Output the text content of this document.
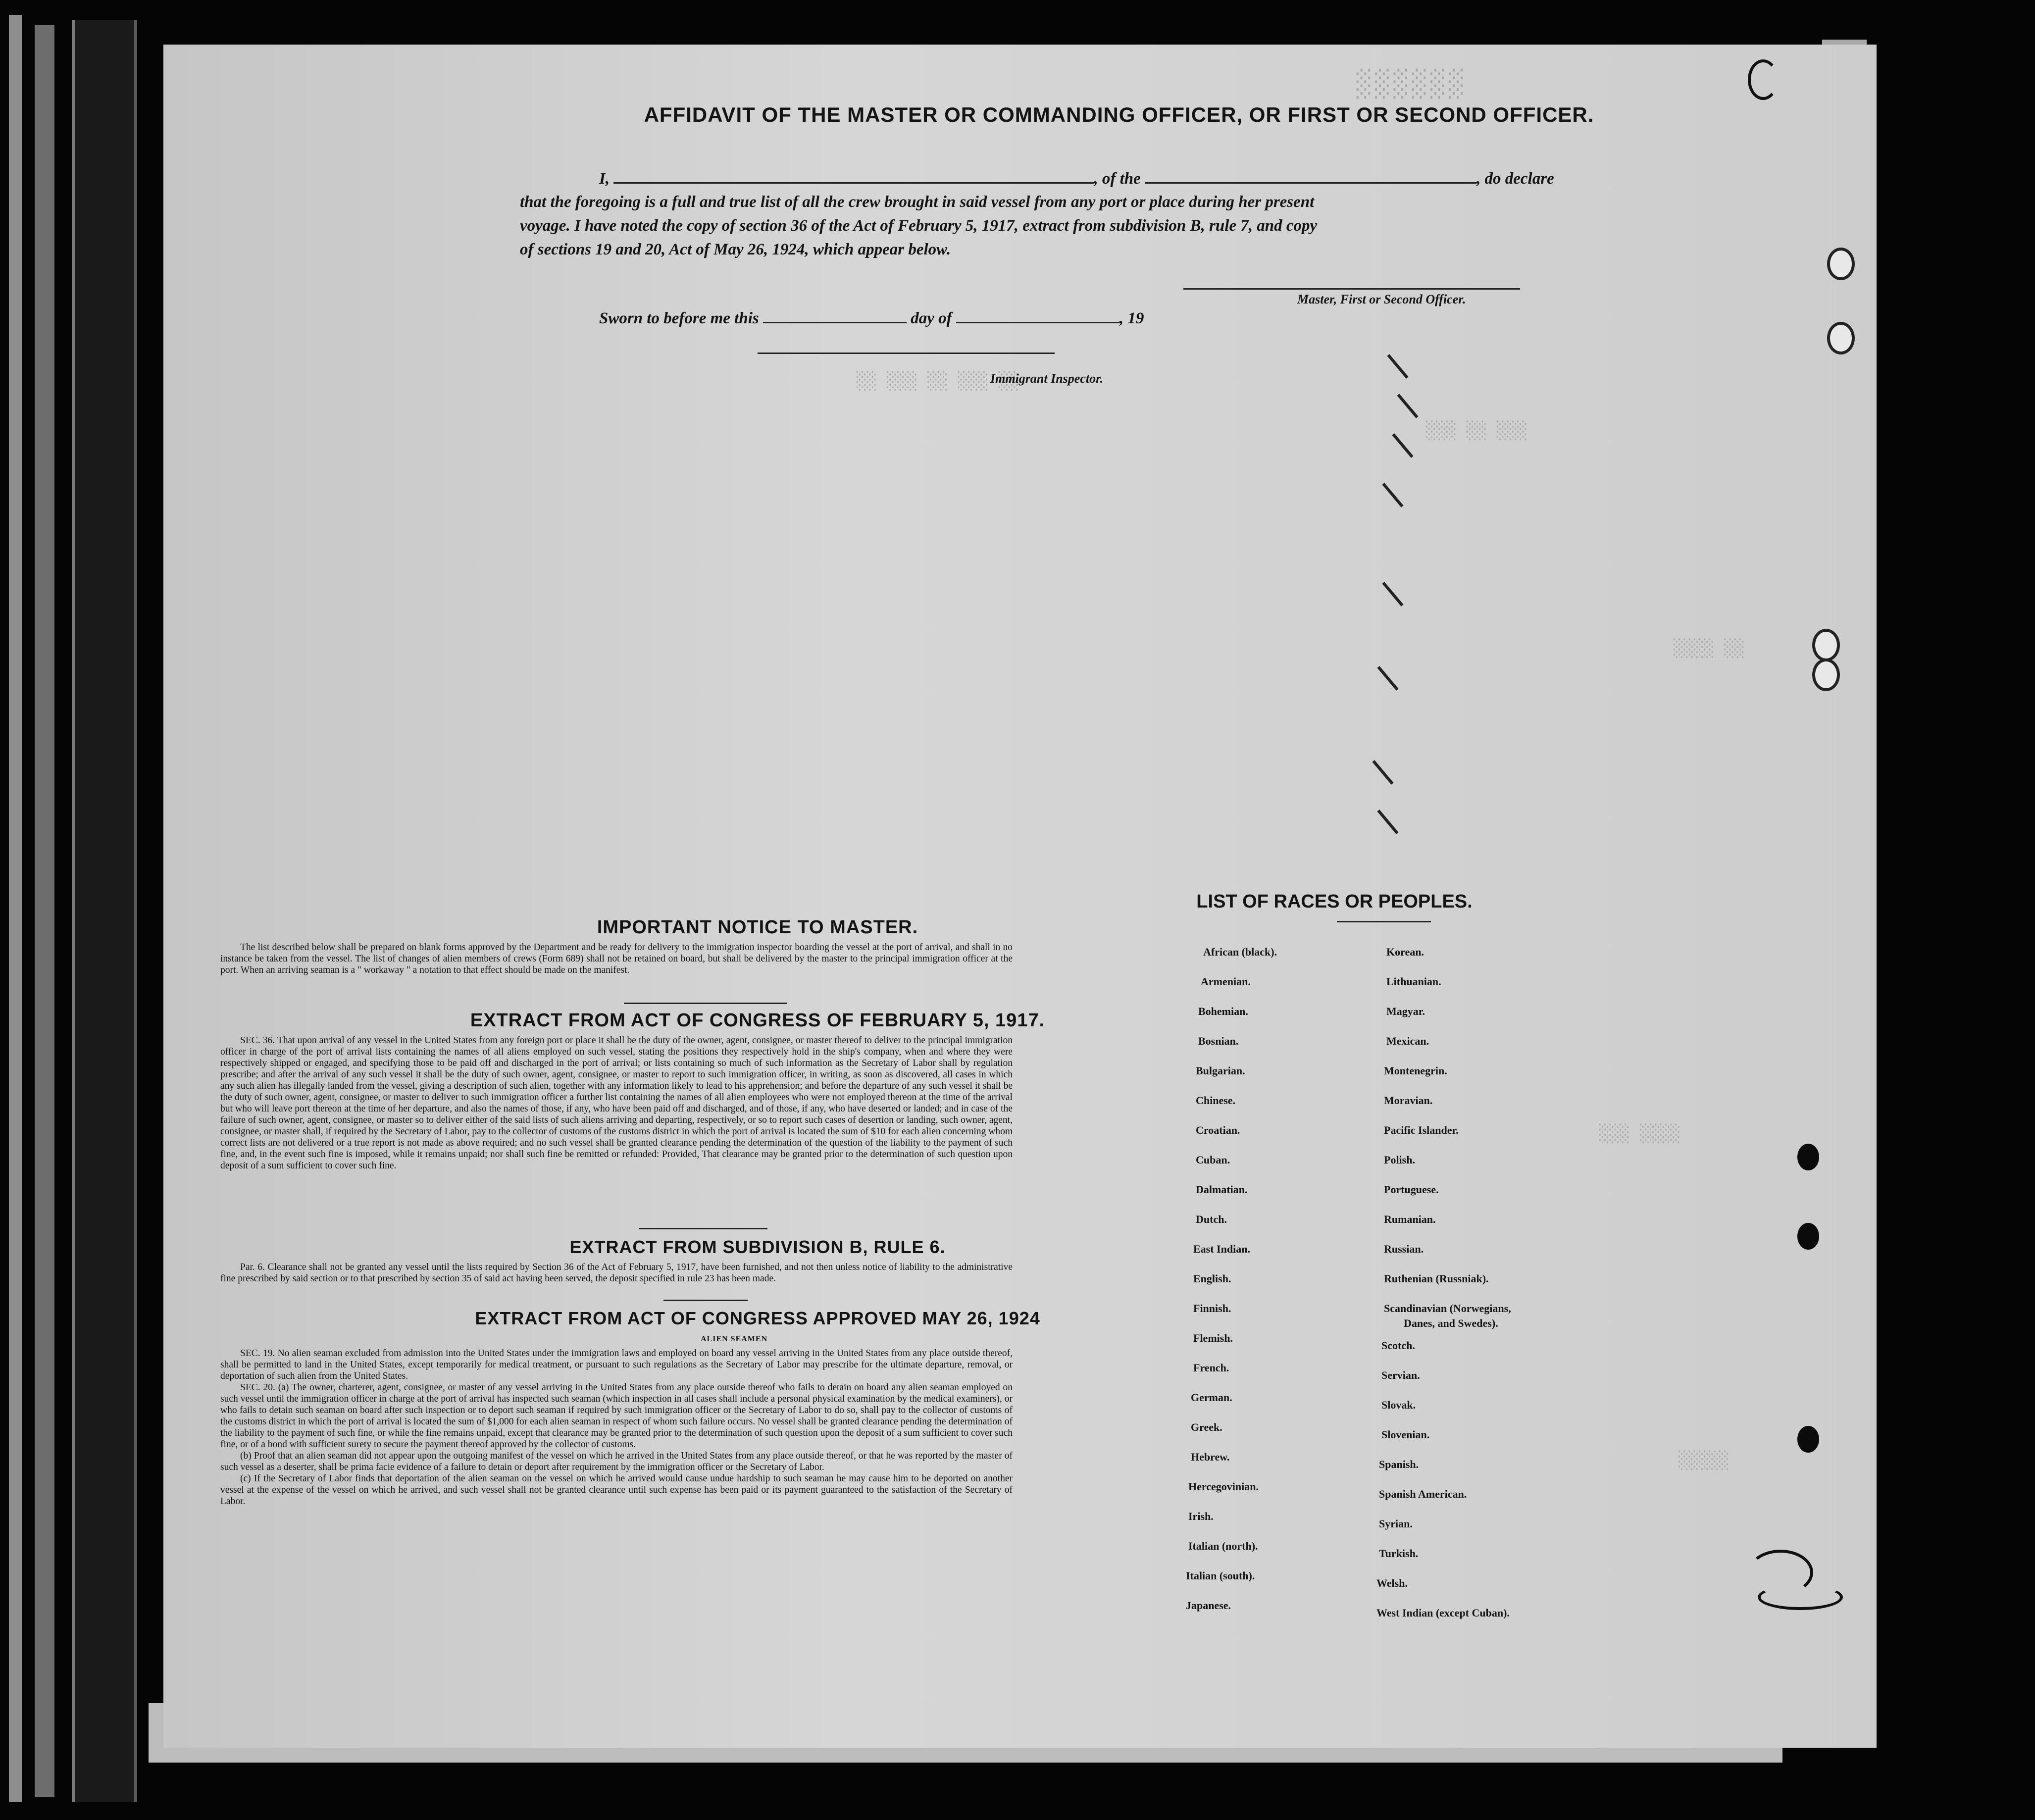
░░░░░░
░░ ░░░ ░░ ░░░ ░░
░░░ ░░ ░░░
░░░░ ░░
░░░ ░░░░
░░░░░
AFFIDAVIT OF THE MASTER OR COMMANDING OFFICER, OR FIRST OR SECOND OFFICER.
I,	, of the	, do declare
that the foregoing is a full and true list of all the crew brought in said vessel from any port or place during her present
voyage. I have noted the copy of section 36 of the Act of February 5, 1917, extract from subdivision B, rule 7, and copy
of sections 19 and 20, Act of May 26, 1924, which appear below.
Master, First or Second Officer.
Sworn to before me this	day of	, 19
Immigrant Inspector.
IMPORTANT NOTICE TO MASTER.

The list described below shall be prepared on blank forms approved by the Department and be ready for delivery to the immigration inspector boarding the vessel at the port of arrival, and shall in no instance be taken from the vessel. The list of changes of alien members of crews (Form 689) shall not be retained on board, but shall be delivered by the master to the principal immigration officer at the port. When an arriving seaman is a " workaway " a notation to that effect should be made on the manifest.

EXTRACT FROM ACT OF CONGRESS OF FEBRUARY 5, 1917.

SEC. 36. That upon arrival of any vessel in the United States from any foreign port or place it shall be the duty of the owner, agent, consignee, or master thereof to deliver to the principal immigration officer in charge of the port of arrival lists containing the names of all aliens employed on such vessel, stating the positions they respectively hold in the ship's company, when and where they were respectively shipped or engaged, and specifying those to be paid off and discharged in the port of arrival; or lists containing so much of such information as the Secretary of Labor shall by regulation prescribe; and after the arrival of any such vessel it shall be the duty of such owner, agent, consignee, or master to report to such immigration officer, in writing, as soon as discovered, all cases in which any such alien has illegally landed from the vessel, giving a description of such alien, together with any information likely to lead to his apprehension; and before the departure of any such vessel it shall be the duty of such owner, agent, consignee, or master to deliver to such immigration officer a further list containing the names of all alien employees who were not employed thereon at the time of the arrival but who will leave port thereon at the time of her departure, and also the names of those, if any, who have been paid off and discharged, and of those, if any, who have deserted or landed; and in case of the failure of such owner, agent, consignee, or master so to deliver either of the said lists of such aliens arriving and departing, respectively, or so to report such cases of desertion or landing, such owner, agent, consignee, or master shall, if required by the Secretary of Labor, pay to the collector of customs of the customs district in which the port of arrival is located the sum of $10 for each alien concerning whom correct lists are not delivered or a true report is not made as above required; and no such vessel shall be granted clearance pending the determination of the question of the liability to the payment of such fine, and, in the event such fine is imposed, while it remains unpaid; nor shall such fine be remitted or refunded: Provided, That clearance may be granted prior to the determination of such question upon deposit of a sum sufficient to cover such fine.

EXTRACT FROM SUBDIVISION B, RULE 6.

Par. 6. Clearance shall not be granted any vessel until the lists required by Section 36 of the Act of February 5, 1917, have been furnished, and not then unless notice of liability to the administrative fine prescribed by said section or to that prescribed by section 35 of said act having been served, the deposit specified in rule 23 has been made.

EXTRACT FROM ACT OF CONGRESS APPROVED MAY 26, 1924
ALIEN SEAMEN

SEC. 19. No alien seaman excluded from admission into the United States under the immigration laws and employed on board any vessel arriving in the United States from any place outside thereof, shall be permitted to land in the United States, except temporarily for medical treatment, or pursuant to such regulations as the Secretary of Labor may prescribe for the ultimate departure, removal, or deportation of such alien from the United States.

SEC. 20. (a) The owner, charterer, agent, consignee, or master of any vessel arriving in the United States from any place outside thereof who fails to detain on board any alien seaman employed on such vessel until the immigration officer in charge at the port of arrival has inspected such seaman (which inspection in all cases shall include a personal physical examination by the medical examiners), or who fails to detain such seaman on board after such inspection or to deport such seaman if required by such immigration officer or the Secretary of Labor to do so, shall pay to the collector of customs of the customs district in which the port of arrival is located the sum of $1,000 for each alien seaman in respect of whom such failure occurs. No vessel shall be granted clearance pending the determination of the liability to the payment of such fine, or while the fine remains unpaid, except that clearance may be granted prior to the determination of such question upon the deposit of a sum sufficient to cover such fine, or of a bond with sufficient surety to secure the payment thereof approved by the collector of customs.

(b) Proof that an alien seaman did not appear upon the outgoing manifest of the vessel on which he arrived in the United States from any place outside thereof, or that he was reported by the master of such vessel as a deserter, shall be prima facie evidence of a failure to detain or deport after requirement by the immigration officer or the Secretary of Labor.

(c) If the Secretary of Labor finds that deportation of the alien seaman on the vessel on which he arrived would cause undue hardship to such seaman he may cause him to be deported on another vessel at the expense of the vessel on which he arrived, and such vessel shall not be granted clearance until such expense has been paid or its payment guaranteed to the satisfaction of the Secretary of Labor.

LIST OF RACES OR PEOPLES.
African (black).
Armenian.
Bohemian.
Bosnian.
Bulgarian.
Chinese.
Croatian.
Cuban.
Dalmatian.
Dutch.
East Indian.
English.
Finnish.
Flemish.
French.
German.
Greek.
Hebrew.
Hercegovinian.
Irish.
Italian (north).
Italian (south).
Japanese.
Korean.
Lithuanian.
Magyar.
Mexican.
Montenegrin.
Moravian.
Pacific Islander.
Polish.
Portuguese.
Rumanian.
Russian.
Ruthenian (Russniak).
Scandinavian (Norwegians,
Danes, and Swedes).
Scotch.
Servian.
Slovak.
Slovenian.
Spanish.
Spanish American.
Syrian.
Turkish.
Welsh.
West Indian (except Cuban).
